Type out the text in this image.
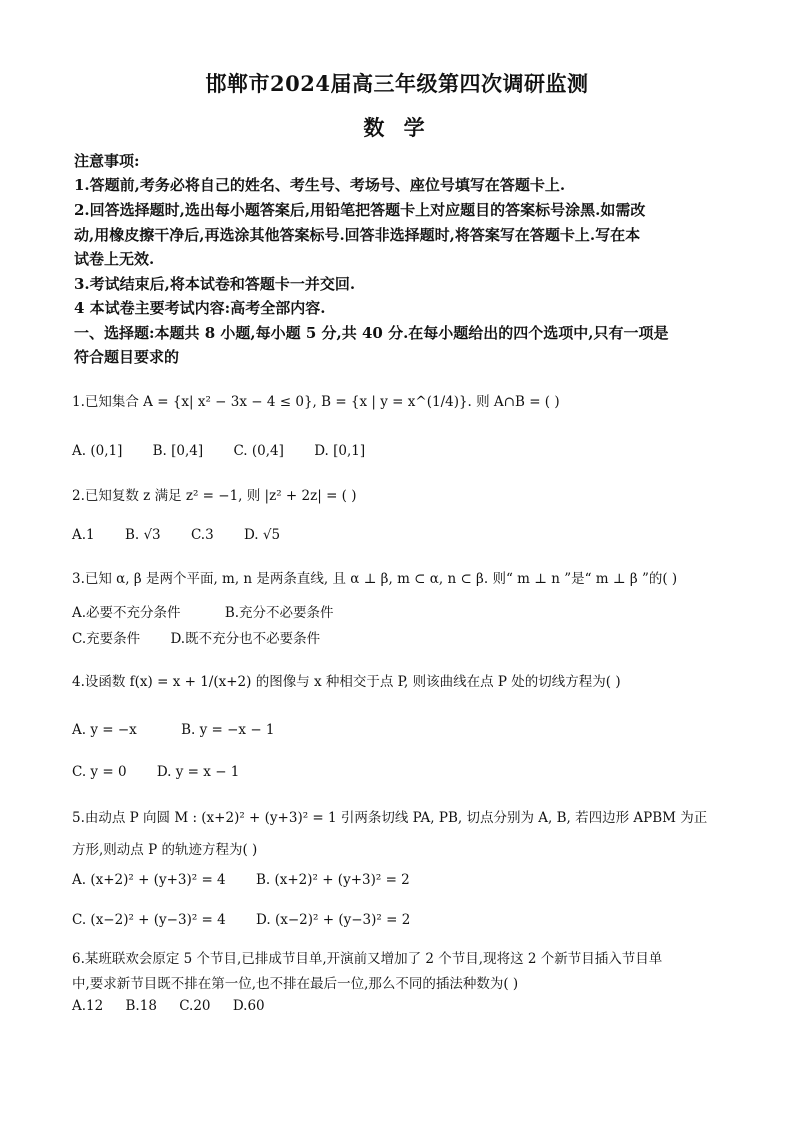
邯郸市2024届高三年级第四次调研监测
数 学
注意事项:
1.答题前,考务必将自己的姓名、考生号、考场号、座位号填写在答题卡上.
2.回答选择题时,选出每小题答案后,用铅笔把答题卡上对应题目的答案标号涂黑.如需改
动,用橡皮擦干净后,再选涂其他答案标号.回答非选择题时,将答案写在答题卡上.写在本
试卷上无效.
3.考试结束后,将本试卷和答题卡一并交回.
4 本试卷主要考试内容:高考全部内容.
一、选择题:本题共 8 小题,每小题 5 分,共 40 分.在每小题给出的四个选项中,只有一项是
符合题目要求的
1.已知集合 A = {x| x² − 3x − 4 ≤ 0}, B = {x | y = x^(1/4)}. 则 A∩B = ( )
A. (0,1] B. [0,4] C. (0,4] D. [0,1]
2.已知复数 z 满足 z² = −1, 则 |z² + 2z| = ( )
A.1 B. √3 C.3 D. √5
3.已知 α, β 是两个平面, m, n 是两条直线, 且 α ⊥ β, m ⊂ α, n ⊂ β. 则“ m ⊥ n ”是“ m ⊥ β ”的( )
A.必要不充分条件	B.充分不必要条件
C.充要条件 D.既不充分也不必要条件
4.设函数 f(x) = x + 1/(x+2) 的图像与 x 种相交于点 P, 则该曲线在点 P 处的切线方程为( )
A. y = −x	B. y = −x − 1
C. y = 0 D. y = x − 1
5.由动点 P 向圆 M : (x+2)² + (y+3)² = 1 引两条切线 PA, PB, 切点分别为 A, B, 若四边形 APBM 为正
方形,则动点 P 的轨迹方程为( )
A. (x+2)² + (y+3)² = 4 B. (x+2)² + (y+3)² = 2
C. (x−2)² + (y−3)² = 4 D. (x−2)² + (y−3)² = 2
6.某班联欢会原定 5 个节目,已排成节目单,开演前又增加了 2 个节目,现将这 2 个新节目插入节目单
中,要求新节目既不排在第一位,也不排在最后一位,那么不同的插法种数为( )
A.12 B.18 C.20 D.60
